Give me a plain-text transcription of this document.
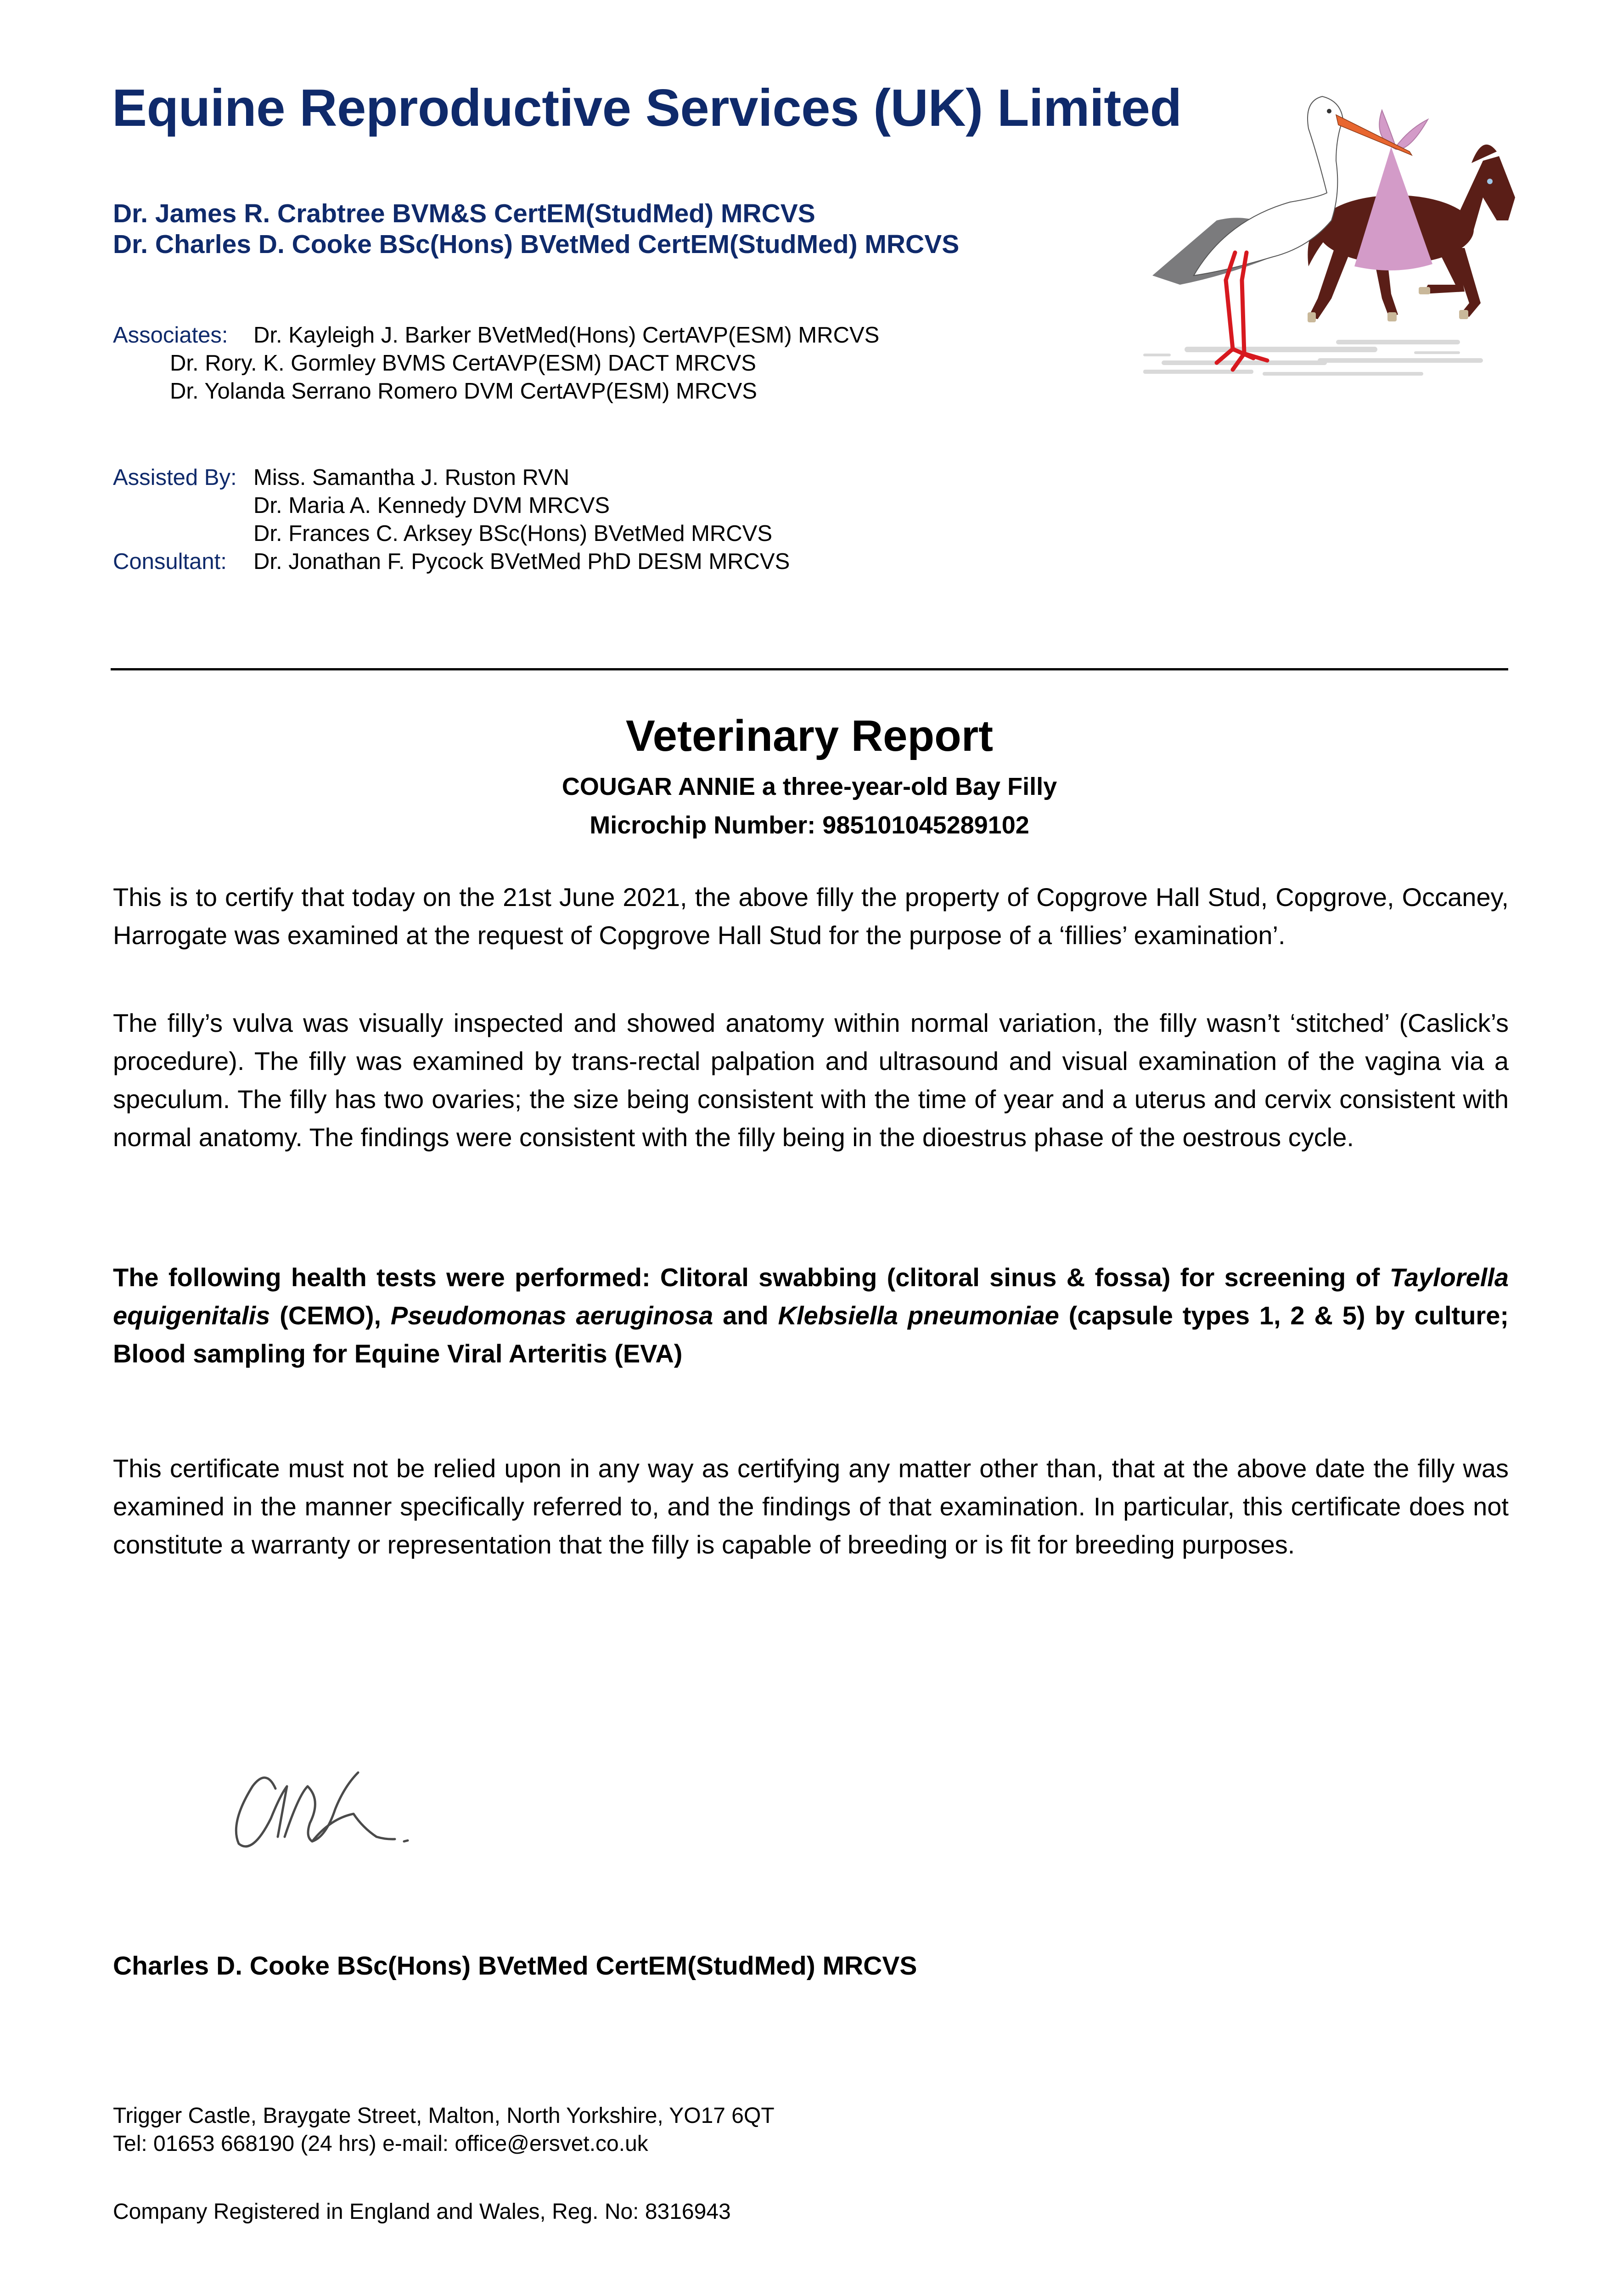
Equine Reproductive Services (UK) Limited
Dr. James R. Crabtree BVM&S CertEM(StudMed) MRCVS
Dr. Charles D. Cooke BSc(Hons) BVetMed CertEM(StudMed) MRCVS
Associates:	Dr. Kayleigh J. Barker BVetMed(Hons) CertAVP(ESM) MRCVS
Dr. Rory. K. Gormley BVMS CertAVP(ESM) DACT MRCVS
Dr. Yolanda Serrano Romero DVM CertAVP(ESM) MRCVS
Assisted By: Miss. Samantha J. Ruston RVN
Dr. Maria A. Kennedy DVM MRCVS
Dr. Frances C. Arksey BSc(Hons) BVetMed MRCVS
Consultant:	Dr. Jonathan F. Pycock BVetMed PhD DESM MRCVS
Veterinary Report
COUGAR ANNIE a three-year-old Bay Filly
Microchip Number: 985101045289102
This is to certify that today on the 21st June 2021, the above filly the property of Copgrove Hall Stud, Copgrove, Occaney, Harrogate was examined at the request of Copgrove Hall Stud for the purpose of a ‘fillies’ examination’.
The filly’s vulva was visually inspected and showed anatomy within normal variation, the filly wasn’t ‘stitched’ (Caslick’s procedure). The filly was examined by trans-rectal palpation and ultrasound and visual examination of the vagina via a speculum. The filly has two ovaries; the size being consistent with the time of year and a uterus and cervix consistent with normal anatomy. The findings were consistent with the filly being in the dioestrus phase of the oestrous cycle.
The following health tests were performed: Clitoral swabbing (clitoral sinus & fossa) for screening of Taylorella equigenitalis (CEMO), Pseudomonas aeruginosa and Klebsiella pneumoniae (capsule types 1, 2 & 5) by culture; Blood sampling for Equine Viral Arteritis (EVA)
This certificate must not be relied upon in any way as certifying any matter other than, that at the above date the filly was examined in the manner specifically referred to, and the findings of that examination. In particular, this certificate does not constitute a warranty or representation that the filly is capable of breeding or is fit for breeding purposes.
Charles D. Cooke BSc(Hons) BVetMed CertEM(StudMed) MRCVS
Trigger Castle, Braygate Street, Malton, North Yorkshire, YO17 6QT
Tel: 01653 668190 (24 hrs) e-mail: office@ersvet.co.uk
Company Registered in England and Wales, Reg. No: 8316943
